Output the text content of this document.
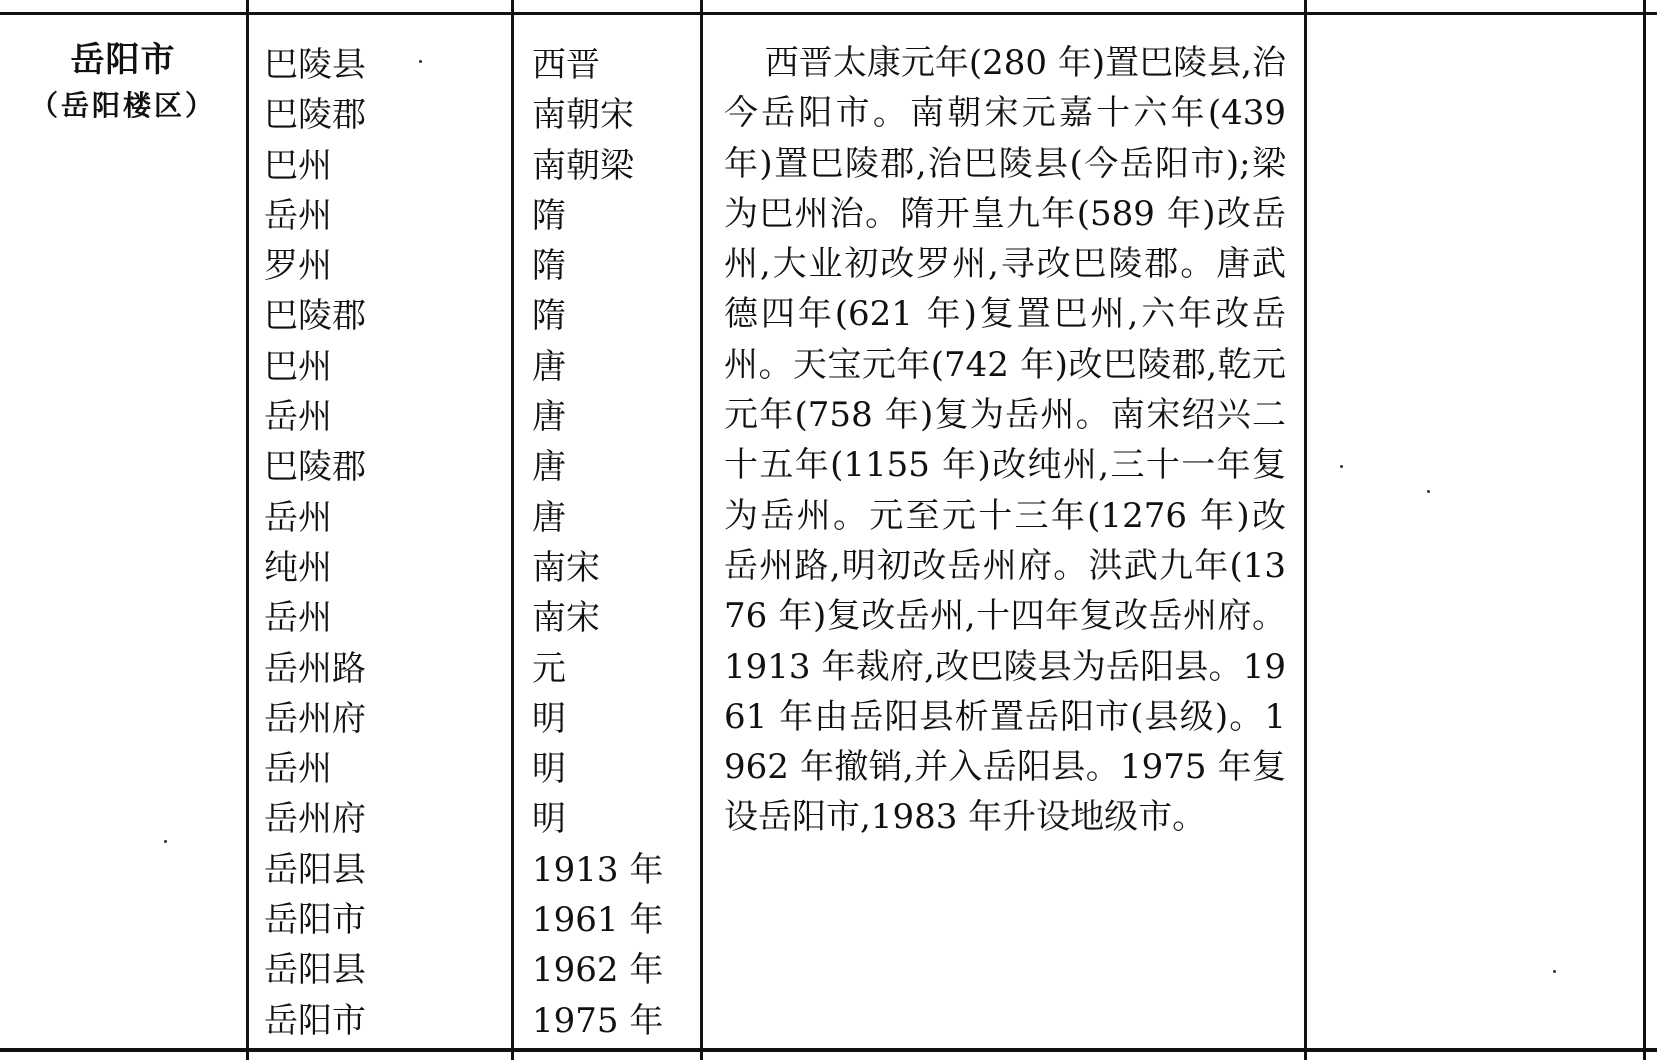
岳阳市
（岳阳楼区）
巴陵县
巴陵郡
巴州
岳州
罗州
巴陵郡
巴州
岳州
巴陵郡
岳州
纯州
岳州
岳州路
岳州府
岳州
岳州府
岳阳县
岳阳市
岳阳县
岳阳市
西晋
南朝宋
南朝梁
隋
隋
隋
唐
唐
唐
唐
南宋
南宋
元
明
明
明
1913 年
1961 年
1962 年
1975 年
西晋太康元年(280 年)置巴陵县,治今岳阳市。南朝宋元嘉十六年(439 年)置巴陵郡,治巴陵县(今岳阳市);梁为巴州治。隋开皇九年(589 年)改岳州,大业初改罗州,寻改巴陵郡。唐武德四年(621 年)复置巴州,六年改岳州。天宝元年(742 年)改巴陵郡,乾元元年(758 年)复为岳州。南宋绍兴二十五年(1155 年)改纯州,三十一年复为岳州。元至元十三年(1276 年)改岳州路,明初改岳州府。洪武九年(1376 年)复改岳州,十四年复改岳州府。1913 年裁府,改巴陵县为岳阳县。1961 年由岳阳县析置岳阳市(县级)。1962 年撤销,并入岳阳县。1975 年复设岳阳市,1983 年升设地级市。
